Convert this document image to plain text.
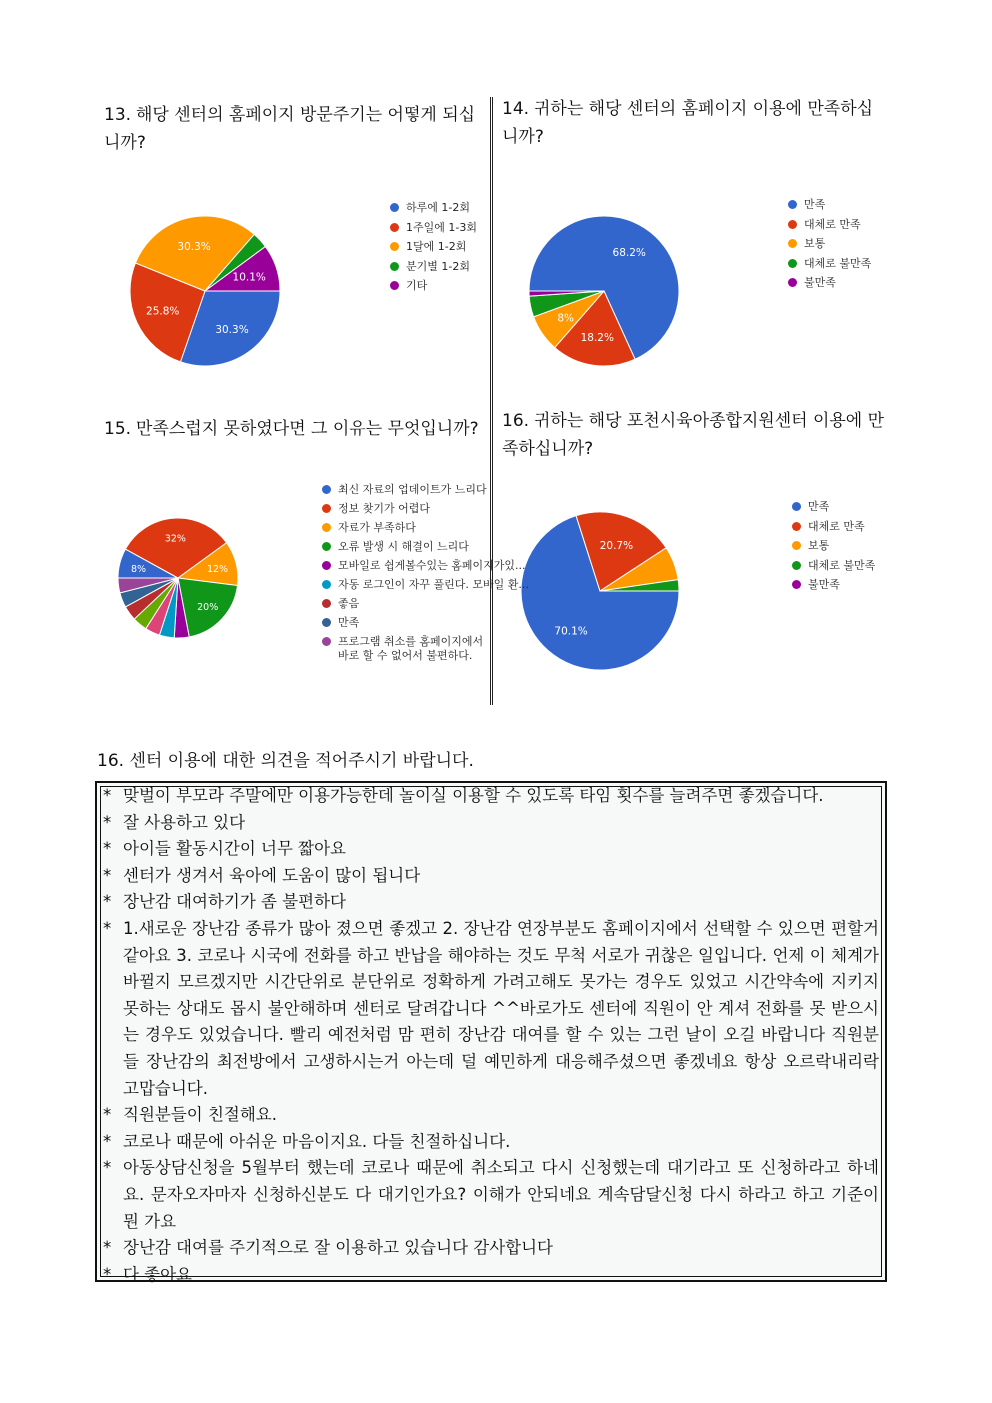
13. 해당 센터의 홈페이지 방문주기는 어떻게 되십니까?
14. 귀하는 해당 센터의 홈페이지 이용에 만족하십니까?
15. 만족스럽지 못하였다면 그 이유는 무엇입니까?	16. 귀하는 해당 포천시육아종합지원센터 이용에 만족하십니까?
30.3%
25.8%
30.3%
10.1%
68.2%
18.2%
8%
8%
32%
12%
20%
70.1%
20.7%
하루에 1-2회
1주일에 1-3회
1달에 1-2회
분기별 1-2회
기타
만족
대체로 만족
보통
대체로 불만족
불만족
최신 자료의 업데이트가 느리다
정보 찾기가 어렵다
자료가 부족하다
오류 발생 시 해결이 느리다
모바일로 쉽게볼수있는 홈페이지가있...
자동 로그인이 자꾸 풀린다. 모바일 환...
좋음
만족
프로그램 취소를 홈페이지에서 바로 할 수 없어서 불편하다.
만족
대체로 만족
보통
대체로 불만족
불만족
16. 센터 이용에 대한 의견을 적어주시기 바랍니다.
* 맞벌이 부모라 주말에만 이용가능한데 놀이실 이용할 수 있도록 타임 횟수를 늘려주면 좋겠습니다.
* 잘 사용하고 있다
* 아이들 활동시간이 너무 짧아요
* 센터가 생겨서 육아에 도움이 많이 됩니다
* 장난감 대여하기가 좀 불편하다
* 1.새로운 장난감 종류가 많아 졌으면 좋겠고 2. 장난감 연장부분도 홈페이지에서 선택할 수 있으면 편할거 같아요 3. 코로나 시국에 전화를 하고 반납을 해야하는 것도 무척 서로가 귀찮은 일입니다. 언제 이 체계가 바뀔지 모르겠지만 시간단위로 분단위로 정확하게 가려고해도 못가는 경우도 있었고 시간약속에 지키지 못하는 상대도 몹시 불안해하며 센터로 달려갑니다 ^^바로가도 센터에 직원이 안 계셔 전화를 못 받으시는 경우도 있었습니다. 빨리 예전처럼 맘 편히 장난감 대여를 할 수 있는 그런 날이 오길 바랍니다 직원분들 장난감의 최전방에서 고생하시는거 아는데 덜 예민하게 대응해주셨으면 좋겠네요 항상 오르락내리락 고맙습니다.
* 직원분들이 친절해요.
* 코로나 때문에 아쉬운 마음이지요. 다들 친절하십니다.
* 아동상담신청을 5월부터 했는데 코로나 때문에 취소되고 다시 신청했는데 대기라고 또 신청하라고 하네요. 문자오자마자 신청하신분도 다 대기인가요? 이해가 안되네요 계속담달신청 다시 하라고 하고 기준이 뭔 가요
* 장난감 대여를 주기적으로 잘 이용하고 있습니다 감사합니다
* 다 좋아요
